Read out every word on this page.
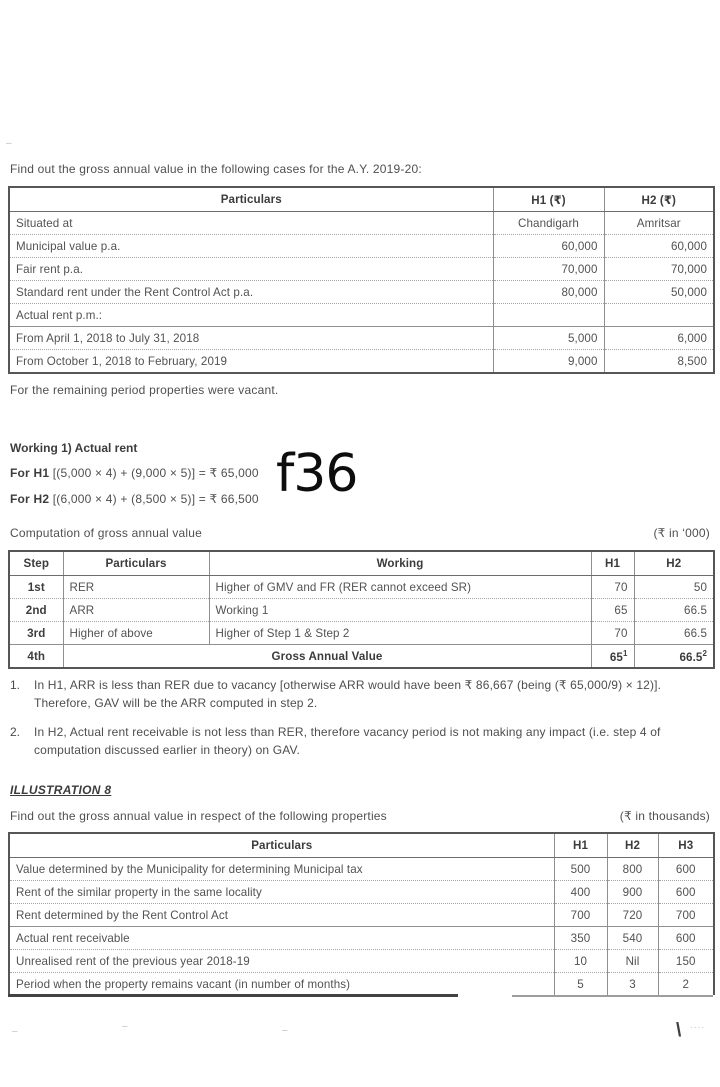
–
Find out the gross annual value in the following cases for the A.Y. 2019-20:
Particulars	H1 (₹)	H2 (₹)
Situated at	Chandigarh	Amritsar
Municipal value p.a.	60,000	60,000
Fair rent p.a.	70,000	70,000
Standard rent under the Rent Control Act p.a.	80,000	50,000
Actual rent p.m.:		
From April 1, 2018 to July 31, 2018	5,000	6,000
From October 1, 2018 to February, 2019	9,000	8,500
For the remaining period properties were vacant.
Working 1) Actual rent
For H1 [(5,000 × 4) + (9,000 × 5)] = ₹ 65,000
For H2 [(6,000 × 4) + (8,500 × 5)] = ₹ 66,500 f36
Computation of gross annual value	(₹ in ‘000)
Step	Particulars	Working	H1	H2
1st	RER	Higher of GMV and FR (RER cannot exceed SR)	70	50
2nd	ARR	Working 1	65	66.5
3rd	Higher of above	Higher of Step 1 & Step 2	70	66.5
4th	Gross Annual Value		$65^1$	66.5$^2$
1.	In H1, ARR is less than RER due to vacancy [otherwise ARR would have been ₹ 86,667 (being (₹ 65,000/9) × 12)]. Therefore, GAV will be the ARR computed in step 2.
2.	In H2, Actual rent receivable is not less than RER, therefore vacancy period is not making any impact (i.e. step 4 of computation discussed earlier in theory) on GAV.
ILLUSTRATION 8
Find out the gross annual value in respect of the following properties	(₹ in thousands)
Particulars	H1	H2	H3
Value determined by the Municipality for determining Municipal tax	500	800	600
Rent of the similar property in the same locality	400	900	600
Rent determined by the Rent Control Act	700	720	700
Actual rent receivable	350	540	600
Unrealised rent of the previous year 2018-19	10	Nil	150
Period when the property remains vacant (in number of months)	5	3	2
–	–	–	\ ....
